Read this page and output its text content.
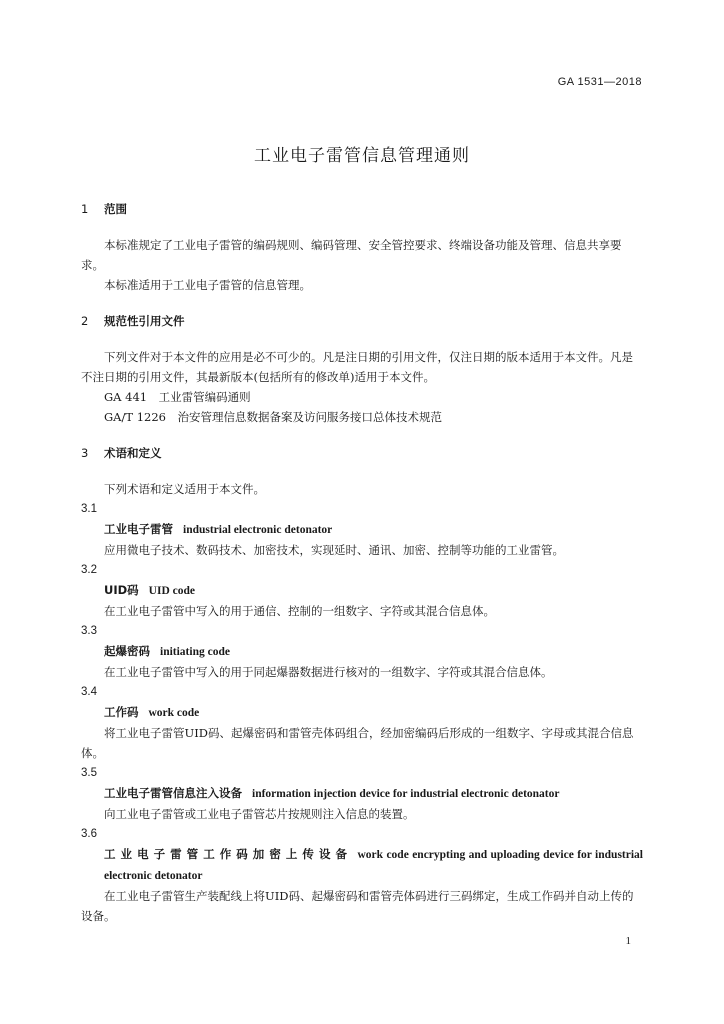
GA 1531—2018
工业电子雷管信息管理通则

1 范围

本标准规定了工业电子雷管的编码规则、编码管理、安全管控要求、终端设备功能及管理、信息共享要求。

本标准适用于工业电子雷管的信息管理。

2 规范性引用文件

下列文件对于本文件的应用是必不可少的。凡是注日期的引用文件，仅注日期的版本适用于本文件。凡是不注日期的引用文件，其最新版本(包括所有的修改单)适用于本文件。

GA 441　工业雷管编码通则

GA/T 1226　治安管理信息数据备案及访问服务接口总体技术规范

3 术语和定义

下列术语和定义适用于本文件。

3.1

工业电子雷管 industrial electronic detonator

应用微电子技术、数码技术、加密技术，实现延时、通讯、加密、控制等功能的工业雷管。

3.2

UID码 UID code

在工业电子雷管中写入的用于通信、控制的一组数字、字符或其混合信息体。

3.3

起爆密码 initiating code

在工业电子雷管中写入的用于同起爆器数据进行核对的一组数字、字符或其混合信息体。

3.4

工作码 work code

将工业电子雷管UID码、起爆密码和雷管壳体码组合，经加密编码后形成的一组数字、字母或其混合信息体。

3.5

工业电子雷管信息注入设备 information injection device for industrial electronic detonator

向工业电子雷管或工业电子雷管芯片按规则注入信息的装置。

3.6

工 业 电 子 雷 管 工 作 码 加 密 上 传 设 备 work code encrypting and uploading device for industrial electronic detonator

在工业电子雷管生产装配线上将UID码、起爆密码和雷管壳体码进行三码绑定，生成工作码并自动上传的设备。

1
